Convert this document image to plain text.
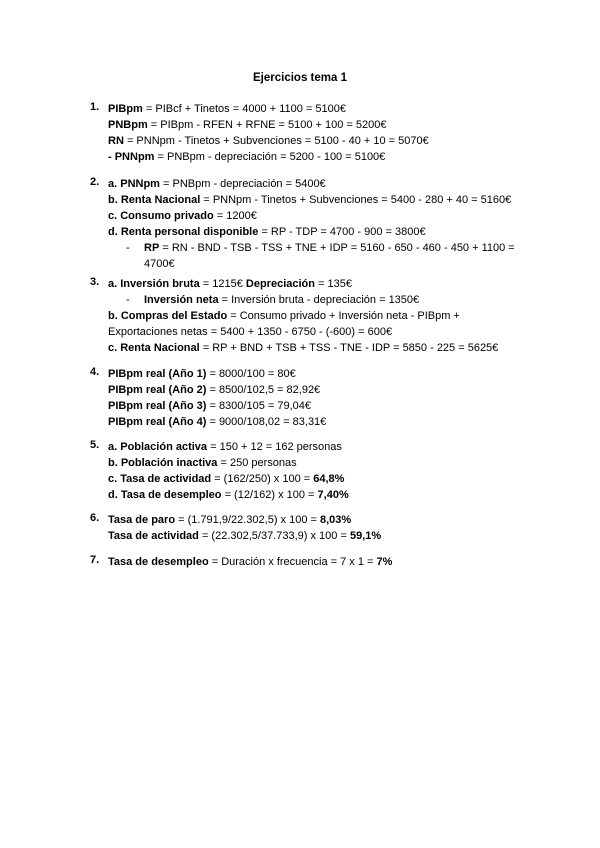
Ejercicios tema 1
1. PIBpm = PIBcf + Tinetos = 4000 + 1100 = 5100€
PNBpm = PIBpm - RFEN + RFNE = 5100 + 100 = 5200€
RN = PNNpm - Tinetos + Subvenciones = 5100 - 40 + 10 = 5070€
- PNNpm = PNBpm - depreciación = 5200 - 100 = 5100€
2. a. PNNpm = PNBpm - depreciación = 5400€
b. Renta Nacional = PNNpm - Tinetos + Subvenciones = 5400 - 280 + 40 = 5160€
c. Consumo privado = 1200€
d. Renta personal disponible = RP - TDP = 4700 - 900 = 3800€
- RP = RN - BND - TSB - TSS + TNE + IDP = 5160 - 650 - 460 - 450 + 1100 =
4700€
3. a. Inversión bruta = 1215€ Depreciación = 135€
- Inversión neta = Inversión bruta - depreciación = 1350€
b. Compras del Estado = Consumo privado + Inversión neta - PIBpm +
Exportaciones netas = 5400 + 1350 - 6750 - (-600) = 600€
c. Renta Nacional = RP + BND + TSB + TSS - TNE - IDP = 5850 - 225 = 5625€
4. PIBpm real (Año 1) = 8000/100 = 80€
PIBpm real (Año 2) = 8500/102,5 = 82,92€
PIBpm real (Año 3) = 8300/105 = 79,04€
PIBpm real (Año 4) = 9000/108,02 = 83,31€
5. a. Población activa = 150 + 12 = 162 personas
b. Población inactiva = 250 personas
c. Tasa de actividad = (162/250) x 100 = 64,8%
d. Tasa de desempleo = (12/162) x 100 = 7,40%
6. Tasa de paro = (1.791,9/22.302,5) x 100 = 8,03%
Tasa de actividad = (22.302,5/37.733,9) x 100 = 59,1%
7. Tasa de desempleo = Duración x frecuencia = 7 x 1 = 7%
